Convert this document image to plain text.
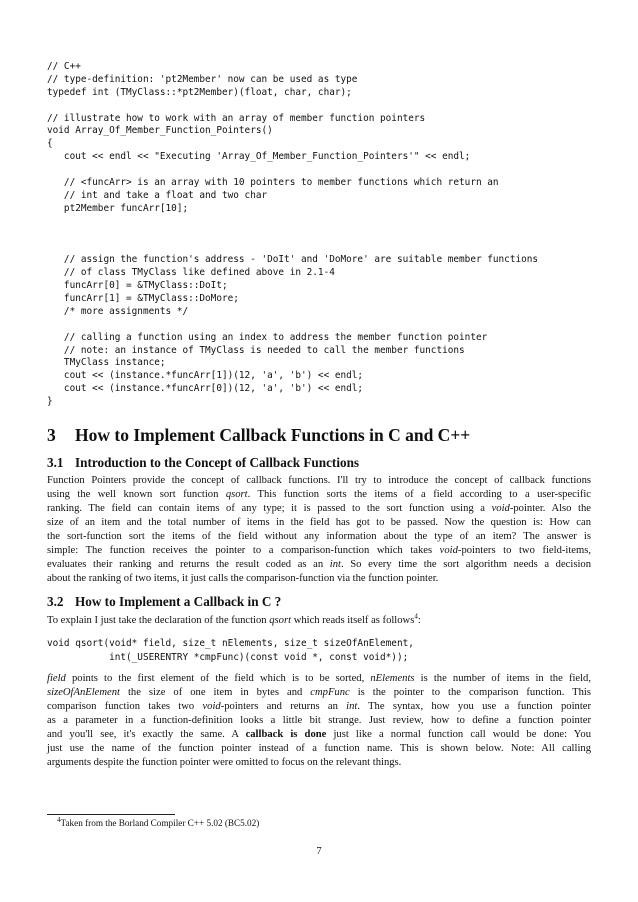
// C++
// type-definition: 'pt2Member' now can be used as type
typedef int (TMyClass::*pt2Member)(float, char, char);
// illustrate how to work with an array of member function pointers
void Array_Of_Member_Function_Pointers()
{
cout << endl << "Executing 'Array_Of_Member_Function_Pointers'" << endl;
// <funcArr> is an array with 10 pointers to member functions which return an
// int and take a float and two char
pt2Member funcArr[10];
// assign the function's address - 'DoIt' and 'DoMore' are suitable member functions
// of class TMyClass like defined above in 2.1-4
funcArr[0] = &TMyClass::DoIt;
funcArr[1] = &TMyClass::DoMore;
/* more assignments */
// calling a function using an index to address the member function pointer
// note: an instance of TMyClass is needed to call the member functions
TMyClass instance;
cout << (instance.*funcArr[1])(12, 'a', 'b') << endl;
cout << (instance.*funcArr[0])(12, 'a', 'b') << endl;
}
3 How to Implement Callback Functions in C and C++
3.1 Introduction to the Concept of Callback Functions

Function Pointers provide the concept of callback functions. I'll try to introduce the concept of callback functions
using the well known sort function qsort. This function sorts the items of a field according to a user-specific
ranking. The field can contain items of any type; it is passed to the sort function using a void-pointer. Also the
size of an item and the total number of items in the field has got to be passed. Now the question is: How can
the sort-function sort the items of the field without any information about the type of an item? The answer is
simple: The function receives the pointer to a comparison-function which takes void-pointers to two field-items,
evaluates their ranking and returns the result coded as an int. So every time the sort algorithm needs a decision
about the ranking of two items, it just calls the comparison-function via the function pointer.

3.2 How to Implement a Callback in C ?

To explain I just take the declaration of the function qsort which reads itself as follows$^4$:

void qsort(void* field, size_t nElements, size_t sizeOfAnElement,
int(_USERENTRY *cmpFunc)(const void *, const void*));

field points to the first element of the field which is to be sorted, nElements is the number of items in the field,
sizeOfAnElement the size of one item in bytes and cmpFunc is the pointer to the comparison function. This
comparison function takes two void-pointers and returns an int. The syntax, how you use a function pointer
as a parameter in a function-definition looks a little bit strange. Just review, how to define a function pointer
and you'll see, it's exactly the same. A callback is done just like a normal function call would be done: You
just use the name of the function pointer instead of a function name. This is shown below. Note: All calling
arguments despite the function pointer were omitted to focus on the relevant things.

$^4$Taken from the Borland Compiler C++ 5.02 (BC5.02)

7
